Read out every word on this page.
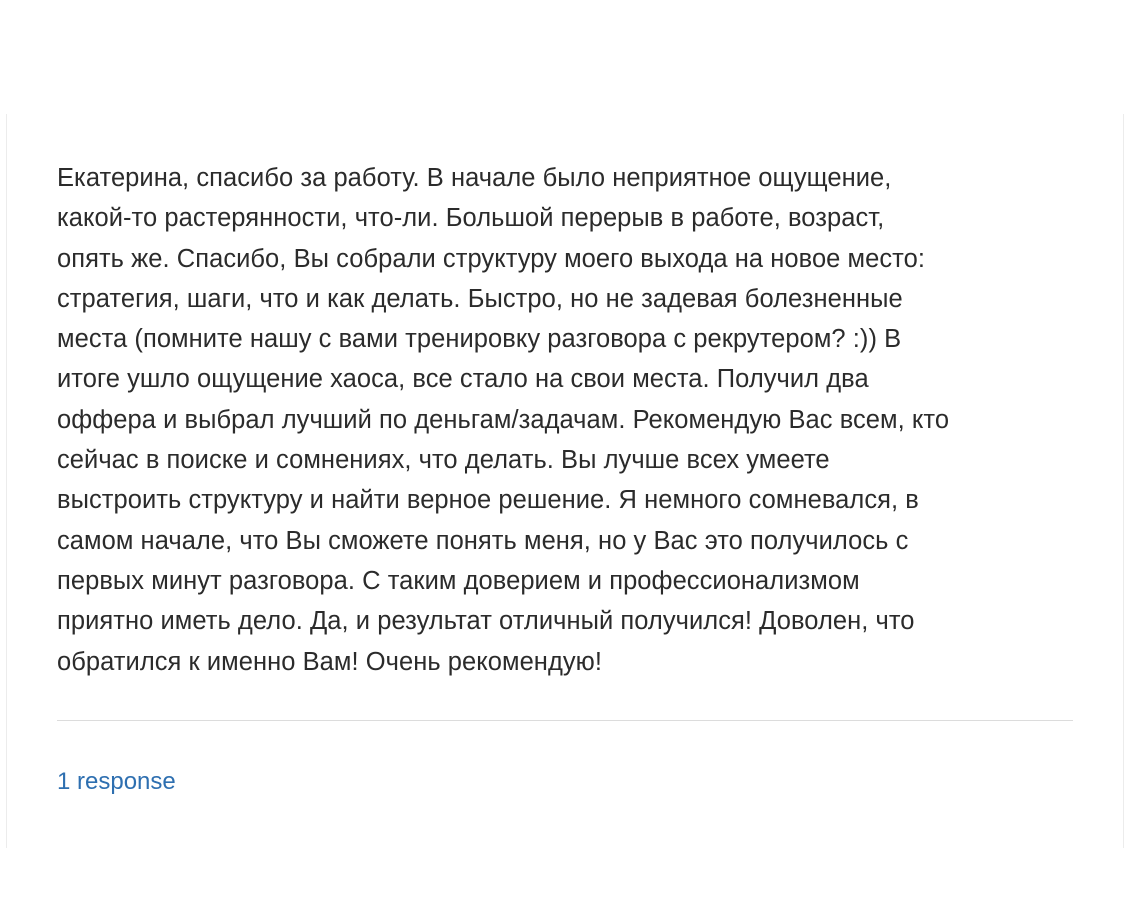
Екатерина, спасибо за работу. В начале было неприятное ощущение,
какой-то растерянности, что-ли. Большой перерыв в работе, возраст,
опять же. Спасибо, Вы собрали структуру моего выхода на новое место:
стратегия, шаги, что и как делать. Быстро, но не задевая болезненные
места (помните нашу с вами тренировку разговора с рекрутером? :)) В
итоге ушло ощущение хаоса, все стало на свои места. Получил два
оффера и выбрал лучший по деньгам/задачам. Рекомендую Вас всем, кто
сейчас в поиске и сомнениях, что делать. Вы лучше всех умеете
выстроить структуру и найти верное решение. Я немного сомневался, в
самом начале, что Вы сможете понять меня, но у Вас это получилось с
первых минут разговора. С таким доверием и профессионализмом
приятно иметь дело. Да, и результат отличный получился! Доволен, что
обратился к именно Вам! Очень рекомендую!

1 response
